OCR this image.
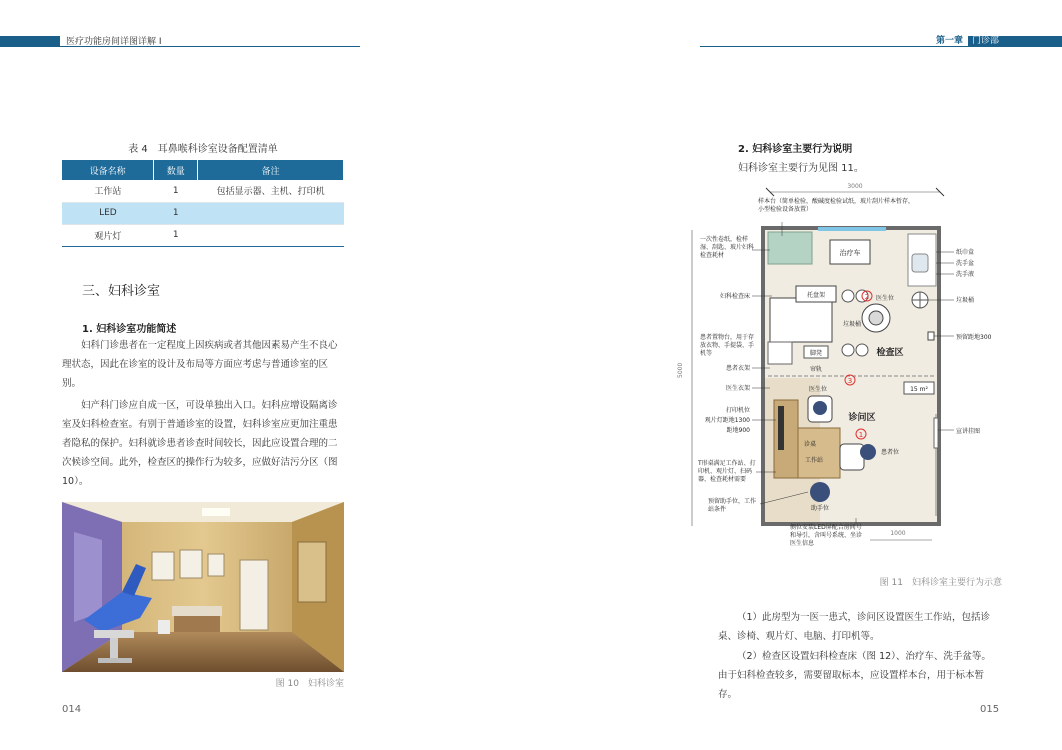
医疗功能房间详图详解 I	第一章 门诊部
表 4　耳鼻喉科诊室设备配置清单
设备名称	数量	备注
工作站	1	包括显示器、主机、打印机
LED	1	
观片灯	1	
三、妇科诊室
1. 妇科诊室功能简述
妇科门诊患者在一定程度上因疾病或者其他因素易产生不良心理状态，因此在诊室的设计及布局等方面应考虑与普通诊室的区别。
妇产科门诊应自成一区，可设单独出入口。妇科应增设隔离诊室及妇科检查室。有别于普通诊室的设置，妇科诊室应更加注重患者隐私的保护。妇科就诊患者诊查时间较长，因此应设置合理的二次候诊空间。此外，检查区的操作行为较多，应做好洁污分区（图 10）。
图 10　妇科诊室
014
2. 妇科诊室主要行为说明
妇科诊室主要行为见图 11。
3000
5000
1000
治疗车
托盘架	医生位
垃圾桶
检查区
脚凳
帘轨
15 m²
医生位
诊问区
诊桌
工作站
患者位
助手位
1
2
3
样本台（简单检验，酸碱度检验试纸，玻片刮片样本暂存，小型检验设备放置）
一次性卷纸，检样湿、刮匙、玻片妇科检查耗材
妇科检查床
患者置物台，用于存放衣物、手提袋、手机等
患者衣架
医生衣架
打印机位
观片灯距地1300
距地900
T形桌满足工作站、打印机、观片灯、扫码器、检查耗材需要
预留助手位，工作站条件
侧位安装LED屏配合房间号和导引，含叫号系统、坐诊医生信息
纸巾盒
洗手盆
洗手液
垃圾桶
预留距地300
宣讲挂图
图 11　妇科诊室主要行为示意
（1）此房型为一医一患式，诊问区设置医生工作站，包括诊桌、诊椅、观片灯、电脑、打印机等。
（2）检查区设置妇科检查床（图 12）、治疗车、洗手盆等。由于妇科检查较多，需要留取标本，应设置样本台，用于标本暂存。
015
